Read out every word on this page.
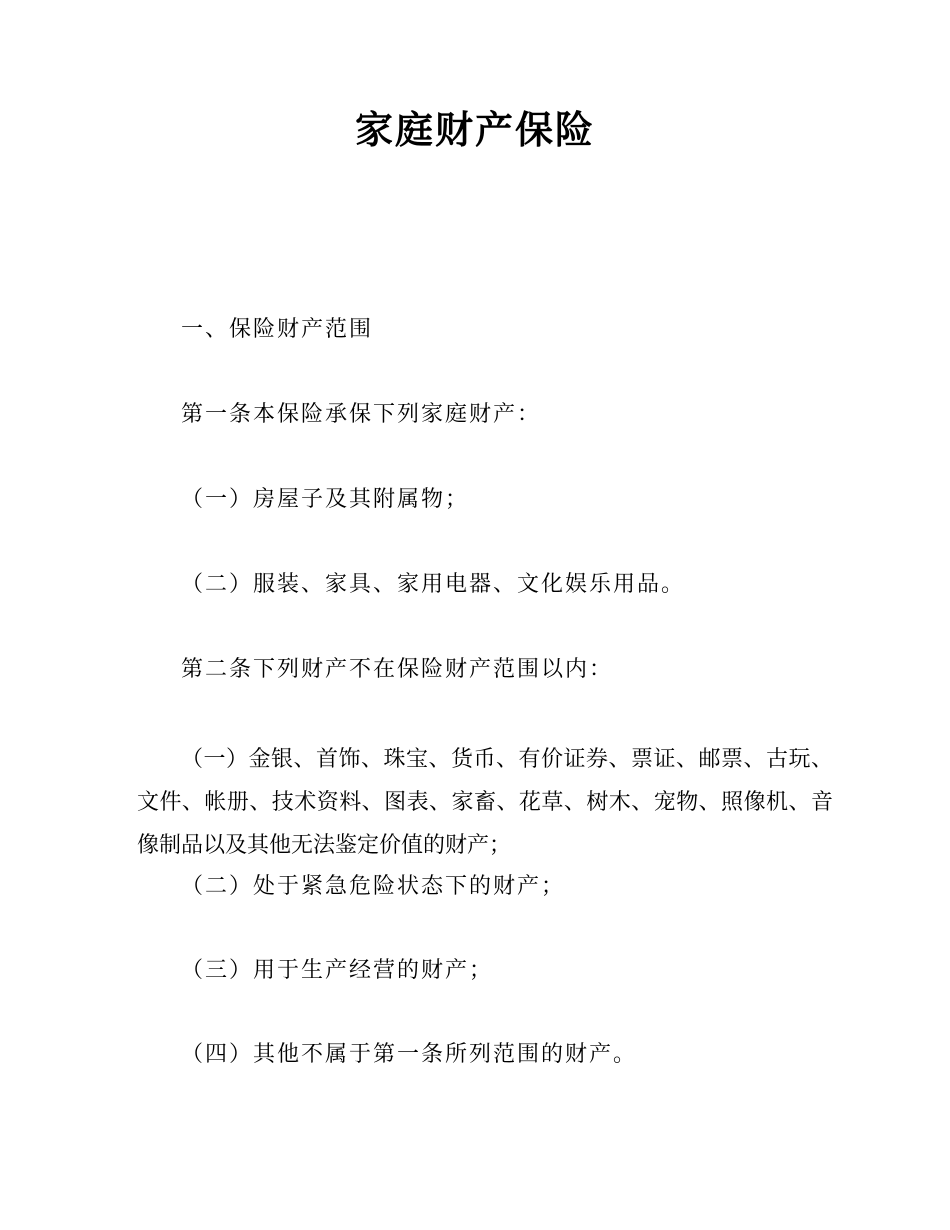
家庭财产保险

一、保险财产范围

第一条本保险承保下列家庭财产：

（一）房屋子及其附属物；

（二）服装、家具、家用电器、文化娱乐用品。

第二条下列财产不在保险财产范围以内：

（一）金银、首饰、珠宝、货币、有价证券、票证、邮票、古玩、文件、帐册、技术资料、图表、家畜、花草、树木、宠物、照像机、音像制品以及其他无法鉴定价值的财产；

（二）处于紧急危险状态下的财产；

（三）用于生产经营的财产；

（四）其他不属于第一条所列范围的财产。
